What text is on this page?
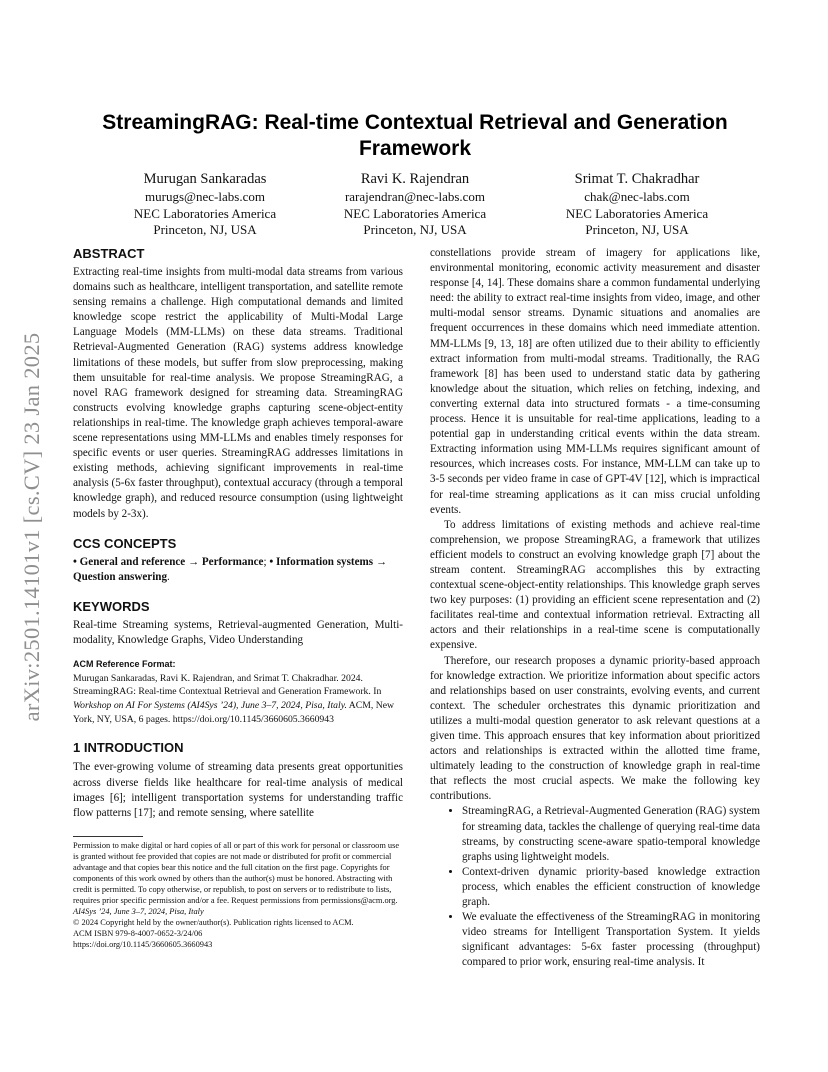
arXiv:2501.14101v1 [cs.CV] 23 Jan 2025
StreamingRAG: Real-time Contextual Retrieval and Generation Framework
Murugan Sankaradas
murugs@nec-labs.com
NEC Laboratories America
Princeton, NJ, USA
Ravi K. Rajendran
rarajendran@nec-labs.com
NEC Laboratories America
Princeton, NJ, USA
Srimat T. Chakradhar
chak@nec-labs.com
NEC Laboratories America
Princeton, NJ, USA
ABSTRACT

Extracting real-time insights from multi-modal data streams from various domains such as healthcare, intelligent transportation, and satellite remote sensing remains a challenge. High computational demands and limited knowledge scope restrict the applicability of Multi-Modal Large Language Models (MM-LLMs) on these data streams. Traditional Retrieval-Augmented Generation (RAG) systems address knowledge limitations of these models, but suffer from slow preprocessing, making them unsuitable for real-time analysis. We propose StreamingRAG, a novel RAG framework designed for streaming data. StreamingRAG constructs evolving knowledge graphs capturing scene-object-entity relationships in real-time. The knowledge graph achieves temporal-aware scene representations using MM-LLMs and enables timely responses for specific events or user queries. StreamingRAG addresses limitations in existing methods, achieving significant improvements in real-time analysis (5-6x faster throughput), contextual accuracy (through a temporal knowledge graph), and reduced resource consumption (using lightweight models by 2-3x).

CCS CONCEPTS

• General and reference → Performance; • Information systems → Question answering.

KEYWORDS

Real-time Streaming systems, Retrieval-augmented Generation, Multi-modality, Knowledge Graphs, Video Understanding

ACM Reference Format:
Murugan Sankaradas, Ravi K. Rajendran, and Srimat T. Chakradhar. 2024. StreamingRAG: Real-time Contextual Retrieval and Generation Framework. In Workshop on AI For Systems (AI4Sys ’24), June 3–7, 2024, Pisa, Italy. ACM, New York, NY, USA, 6 pages. https://doi.org/10.1145/3660605.3660943
1 INTRODUCTION

The ever-growing volume of streaming data presents great opportunities across diverse fields like healthcare for real-time analysis of medical images [6]; intelligent transportation systems for understanding traffic flow patterns [17]; and remote sensing, where satellite

Permission to make digital or hard copies of all or part of this work for personal or classroom use is granted without fee provided that copies are not made or distributed for profit or commercial advantage and that copies bear this notice and the full citation on the first page. Copyrights for components of this work owned by others than the author(s) must be honored. Abstracting with credit is permitted. To copy otherwise, or republish, to post on servers or to redistribute to lists, requires prior specific permission and/or a fee. Request permissions from permissions@acm.org.
AI4Sys ’24, June 3–7, 2024, Pisa, Italy
© 2024 Copyright held by the owner/author(s). Publication rights licensed to ACM.
ACM ISBN 979-8-4007-0652-3/24/06
https://doi.org/10.1145/3660605.3660943

constellations provide stream of imagery for applications like, environmental monitoring, economic activity measurement and disaster response [4, 14]. These domains share a common fundamental underlying need: the ability to extract real-time insights from video, image, and other multi-modal sensor streams. Dynamic situations and anomalies are frequent occurrences in these domains which need immediate attention. MM-LLMs [9, 13, 18] are often utilized due to their ability to efficiently extract information from multi-modal streams. Traditionally, the RAG framework [8] has been used to understand static data by gathering knowledge about the situation, which relies on fetching, indexing, and converting external data into structured formats - a time-consuming process. Hence it is unsuitable for real-time applications, leading to a potential gap in understanding critical events within the data stream. Extracting information using MM-LLMs requires significant amount of resources, which increases costs. For instance, MM-LLM can take up to 3-5 seconds per video frame in case of GPT-4V [12], which is impractical for real-time streaming applications as it can miss crucial unfolding events.

To address limitations of existing methods and achieve real-time comprehension, we propose StreamingRAG, a framework that utilizes efficient models to construct an evolving knowledge graph [7] about the stream content. StreamingRAG accomplishes this by extracting contextual scene-object-entity relationships. This knowledge graph serves two key purposes: (1) providing an efficient scene representation and (2) facilitates real-time and contextual information retrieval. Extracting all actors and their relationships in a real-time scene is computationally expensive.

Therefore, our research proposes a dynamic priority-based approach for knowledge extraction. We prioritize information about specific actors and relationships based on user constraints, evolving events, and current context. The scheduler orchestrates this dynamic prioritization and utilizes a multi-modal question generator to ask relevant questions at a given time. This approach ensures that key information about prioritized actors and relationships is extracted within the allotted time frame, ultimately leading to the construction of knowledge graph in real-time that reflects the most crucial aspects. We make the following key contributions.

• StreamingRAG, a Retrieval-Augmented Generation (RAG) system for streaming data, tackles the challenge of querying real-time data streams, by constructing scene-aware spatio-temporal knowledge graphs using lightweight models.
• Context-driven dynamic priority-based knowledge extraction process, which enables the efficient construction of knowledge graph.
• We evaluate the effectiveness of the StreamingRAG in monitoring video streams for Intelligent Transportation System. It yields significant advantages: 5-6x faster processing (throughput) compared to prior work, ensuring real-time analysis. It
